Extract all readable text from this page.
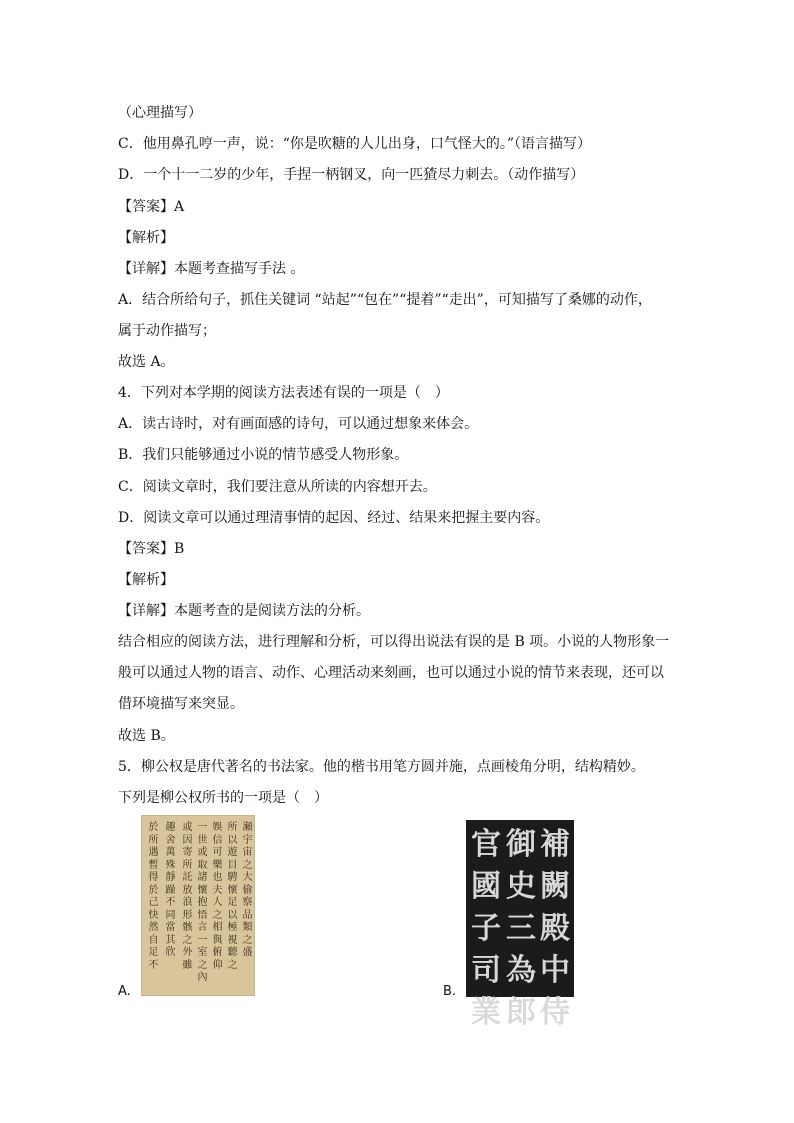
（心理描写）
C．他用鼻孔哼一声，说：“你是吹糖的人儿出身，口气怪大的。”（语言描写）
D．一个十一二岁的少年，手捏一柄钢叉，向一匹猹尽力刺去。（动作描写）
【答案】A
【解析】
【详解】本题考查描写手法 。
A．结合所给句子，抓住关键词 “站起”“包在”“提着”“走出”，可知描写了桑娜的动作，
属于动作描写；
故选 A。
4．下列对本学期的阅读方法表述有误的一项是（　）
A．读古诗时，对有画面感的诗句，可以通过想象来体会。
B．我们只能够通过小说的情节感受人物形象。
C．阅读文章时，我们要注意从所读的内容想开去。
D．阅读文章可以通过理清事情的起因、经过、结果来把握主要内容。
【答案】B
【解析】
【详解】本题考查的是阅读方法的分析。
结合相应的阅读方法，进行理解和分析，可以得出说法有误的是 B 项。小说的人物形象一
般可以通过人物的语言、动作、心理活动来刻画，也可以通过小说的情节来表现，还可以
借环境描写来突显。
故选 B。
5．柳公权是唐代著名的书法家。他的楷书用笔方圆并施，点画棱角分明，结构精妙。
下列是柳公权所书的一项是（　）
瀬宇宙之大偷察品類之盛
所以遊目騁懷足以極視聽之
娛信可樂也夫人之相與俯仰
一世或取諸懷抱悟言一室之內
或因寄所託放浪形骸之外雖
趣舍萬殊靜躁不同當其欣
於所遇暫得於己快然自足不
A.
補闕殿中侍
御史三為郎
官國子司業
B.
